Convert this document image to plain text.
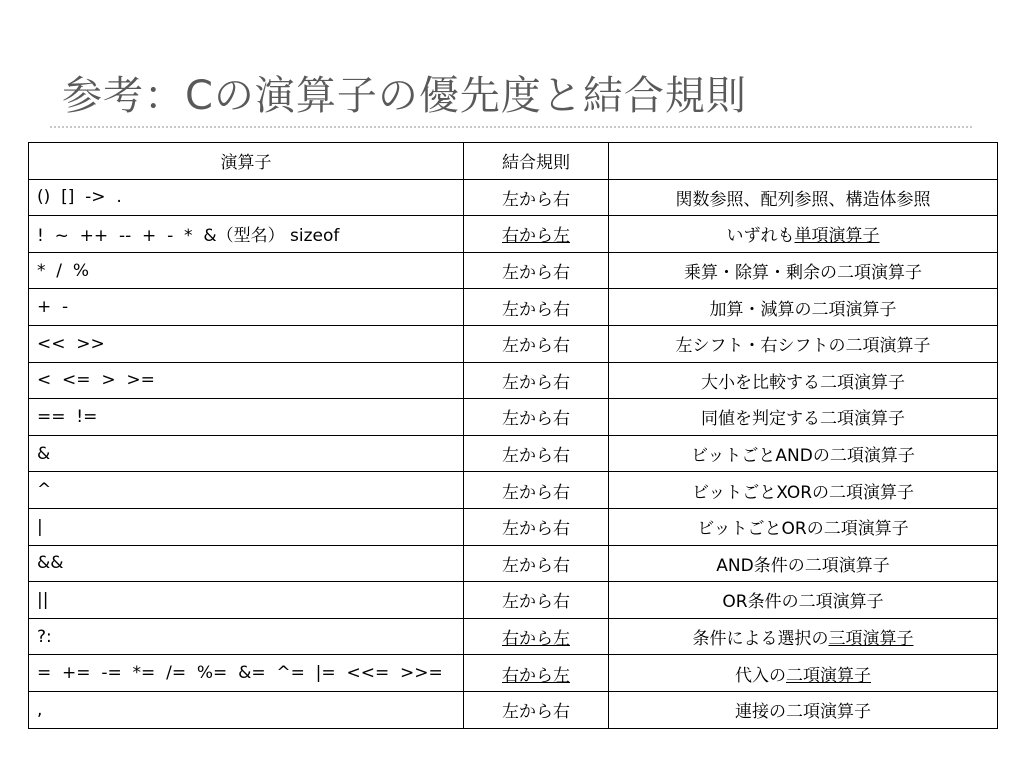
参考：Cの演算子の優先度と結合規則
演算子	結合規則	
()  []  ->  .	左から右	関数参照、配列参照、構造体参照
!  ~  ++  --  +  -  *  &（型名） sizeof	右から左	いずれも単項演算子
*  /  %	左から右	乗算・除算・剰余の二項演算子
+  -	左から右	加算・減算の二項演算子
<<  >>	左から右	左シフト・右シフトの二項演算子
<  <=  >  >=	左から右	大小を比較する二項演算子
==  !=	左から右	同値を判定する二項演算子
&	左から右	ビットごとANDの二項演算子
^	左から右	ビットごとXORの二項演算子
|	左から右	ビットごとORの二項演算子
&&	左から右	AND条件の二項演算子
||	左から右	OR条件の二項演算子
?:	右から左	条件による選択の三項演算子
=  +=  -=  *=  /=  %=  &=  ^=  |=  <<=  >>=	右から左	代入の二項演算子
,	左から右	連接の二項演算子
